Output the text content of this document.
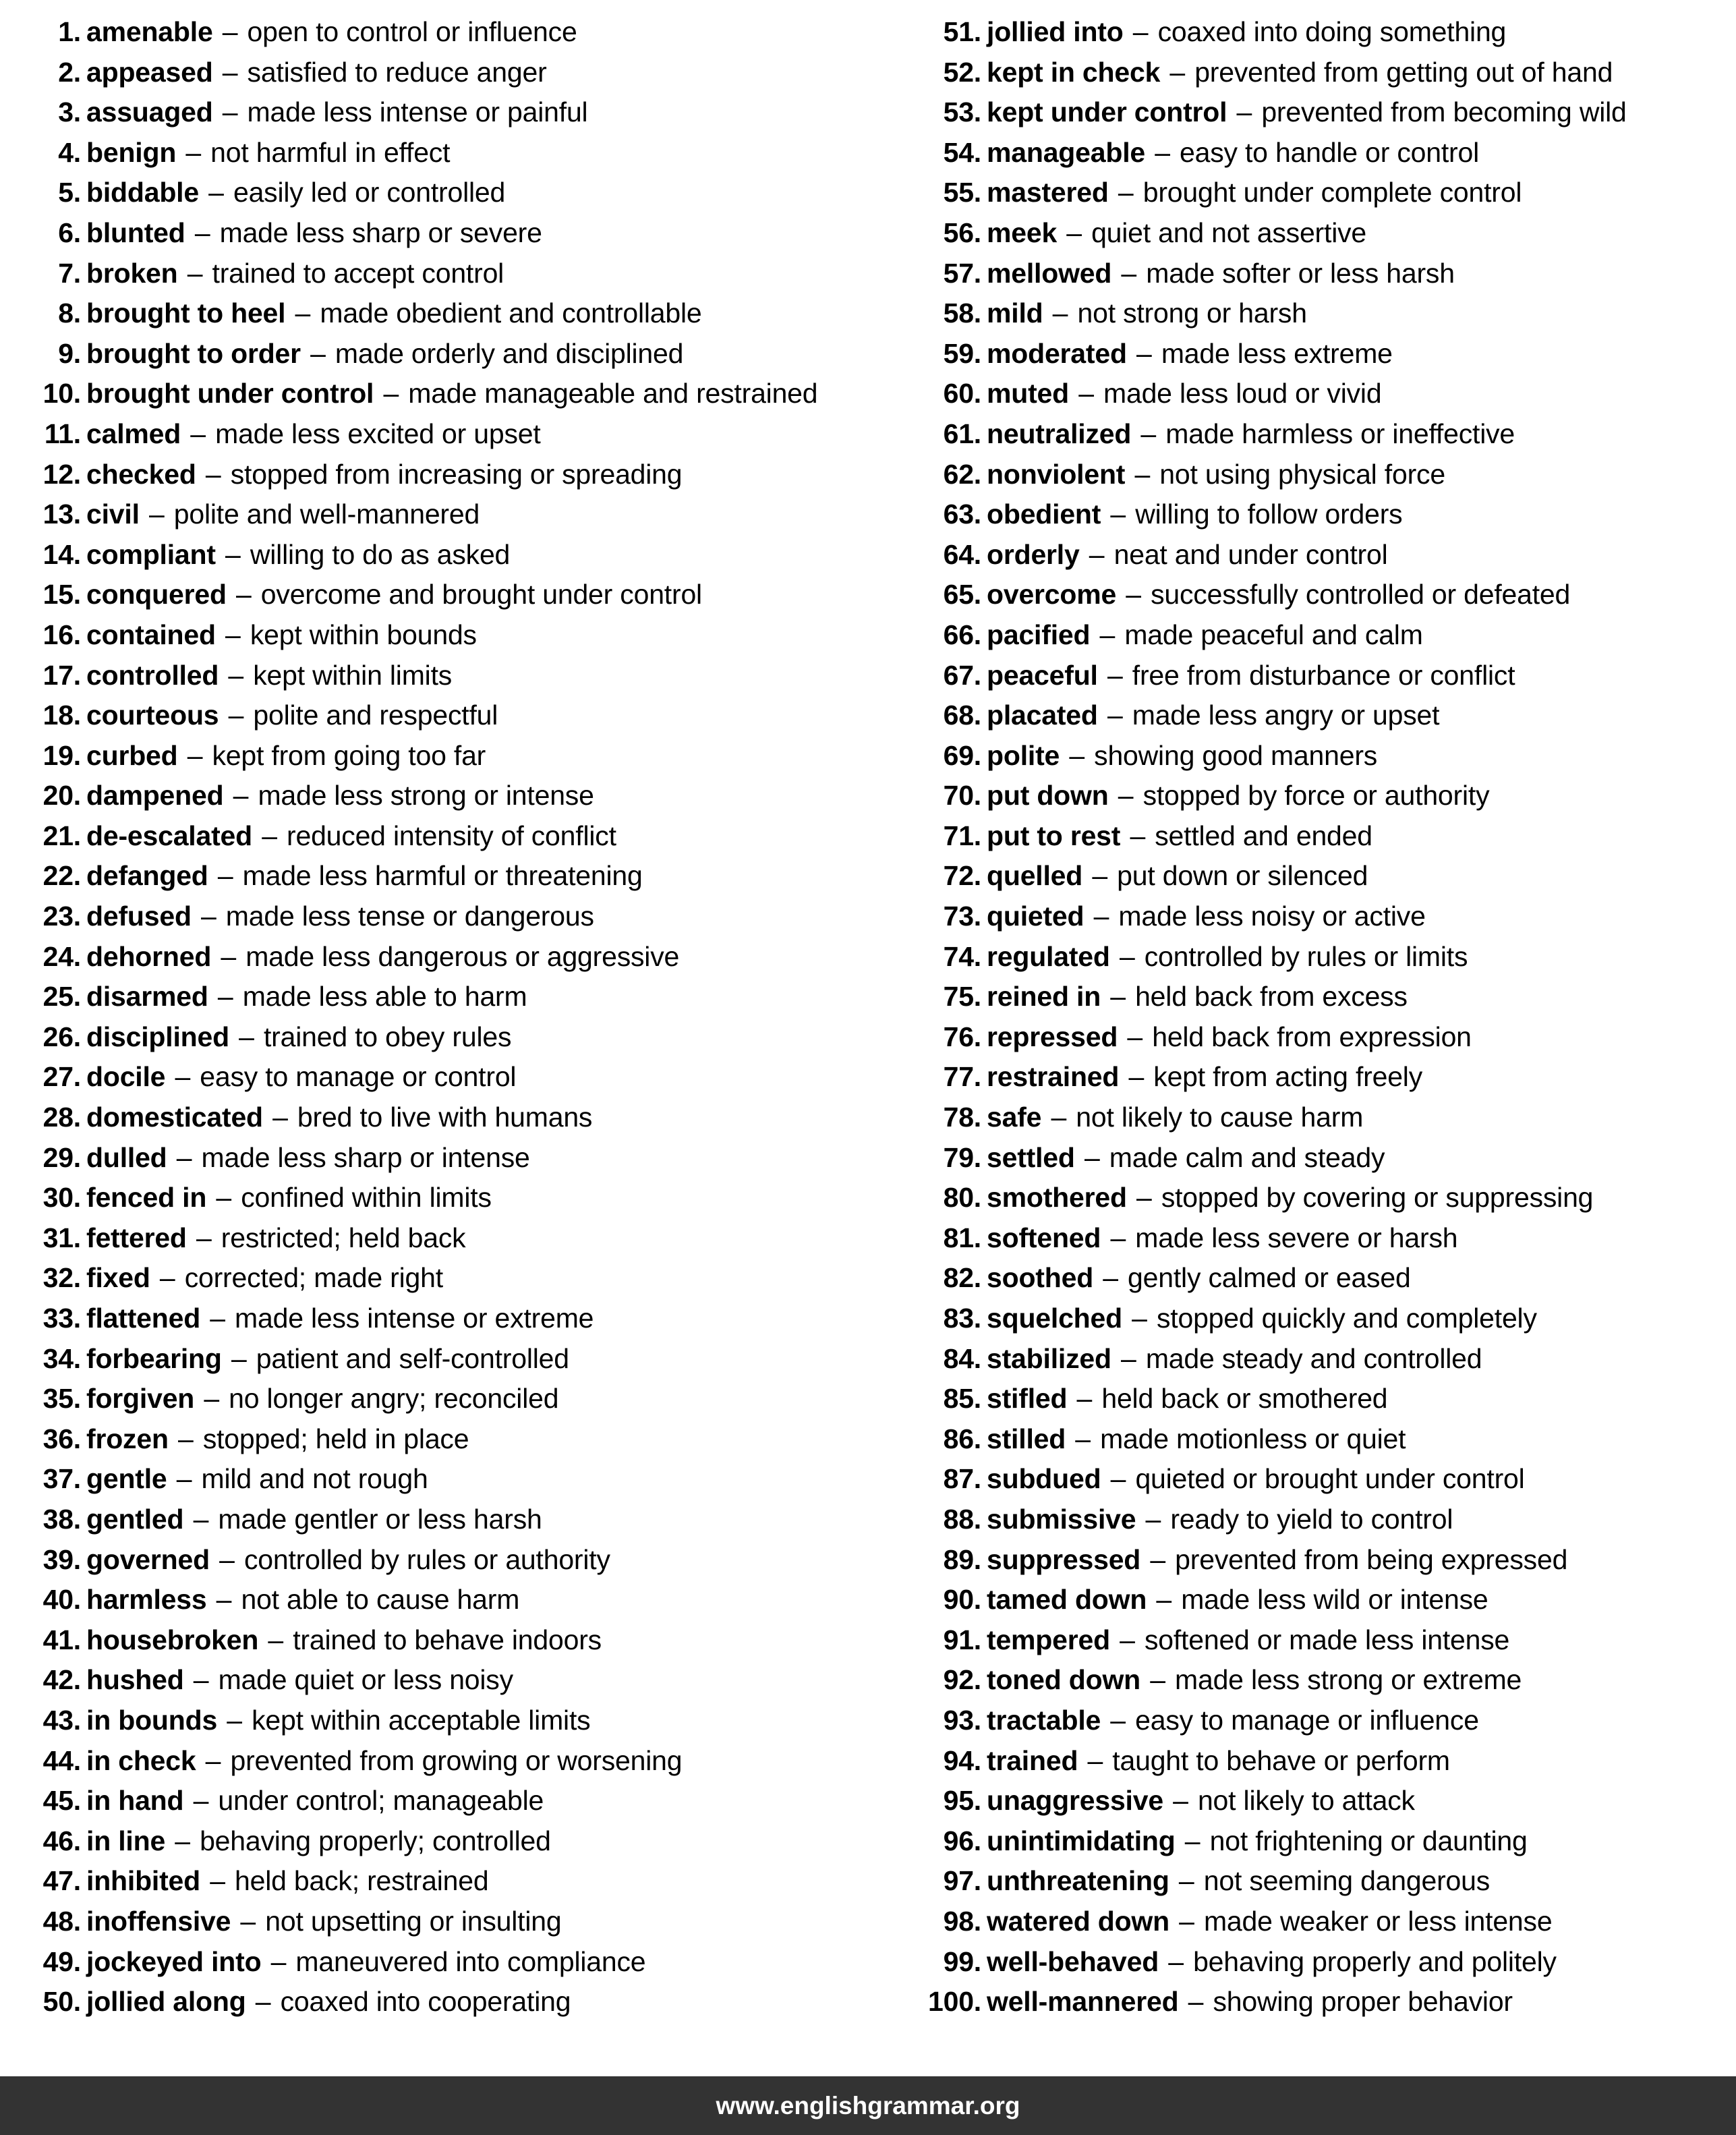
1. amenable – open to control or influence
2. appeased – satisfied to reduce anger
3. assuaged – made less intense or painful
4. benign – not harmful in effect
5. biddable – easily led or controlled
6. blunted – made less sharp or severe
7. broken – trained to accept control
8. brought to heel – made obedient and controllable
9. brought to order – made orderly and disciplined
10. brought under control – made manageable and restrained
11. calmed – made less excited or upset
12. checked – stopped from increasing or spreading
13. civil – polite and well-mannered
14. compliant – willing to do as asked
15. conquered – overcome and brought under control
16. contained – kept within bounds
17. controlled – kept within limits
18. courteous – polite and respectful
19. curbed – kept from going too far
20. dampened – made less strong or intense
21. de-escalated – reduced intensity of conflict
22. defanged – made less harmful or threatening
23. defused – made less tense or dangerous
24. dehorned – made less dangerous or aggressive
25. disarmed – made less able to harm
26. disciplined – trained to obey rules
27. docile – easy to manage or control
28. domesticated – bred to live with humans
29. dulled – made less sharp or intense
30. fenced in – confined within limits
31. fettered – restricted; held back
32. fixed – corrected; made right
33. flattened – made less intense or extreme
34. forbearing – patient and self-controlled
35. forgiven – no longer angry; reconciled
36. frozen – stopped; held in place
37. gentle – mild and not rough
38. gentled – made gentler or less harsh
39. governed – controlled by rules or authority
40. harmless – not able to cause harm
41. housebroken – trained to behave indoors
42. hushed – made quiet or less noisy
43. in bounds – kept within acceptable limits
44. in check – prevented from growing or worsening
45. in hand – under control; manageable
46. in line – behaving properly; controlled
47. inhibited – held back; restrained
48. inoffensive – not upsetting or insulting
49. jockeyed into – maneuvered into compliance
50. jollied along – coaxed into cooperating
51. jollied into – coaxed into doing something
52. kept in check – prevented from getting out of hand
53. kept under control – prevented from becoming wild
54. manageable – easy to handle or control
55. mastered – brought under complete control
56. meek – quiet and not assertive
57. mellowed – made softer or less harsh
58. mild – not strong or harsh
59. moderated – made less extreme
60. muted – made less loud or vivid
61. neutralized – made harmless or ineffective
62. nonviolent – not using physical force
63. obedient – willing to follow orders
64. orderly – neat and under control
65. overcome – successfully controlled or defeated
66. pacified – made peaceful and calm
67. peaceful – free from disturbance or conflict
68. placated – made less angry or upset
69. polite – showing good manners
70. put down – stopped by force or authority
71. put to rest – settled and ended
72. quelled – put down or silenced
73. quieted – made less noisy or active
74. regulated – controlled by rules or limits
75. reined in – held back from excess
76. repressed – held back from expression
77. restrained – kept from acting freely
78. safe – not likely to cause harm
79. settled – made calm and steady
80. smothered – stopped by covering or suppressing
81. softened – made less severe or harsh
82. soothed – gently calmed or eased
83. squelched – stopped quickly and completely
84. stabilized – made steady and controlled
85. stifled – held back or smothered
86. stilled – made motionless or quiet
87. subdued – quieted or brought under control
88. submissive – ready to yield to control
89. suppressed – prevented from being expressed
90. tamed down – made less wild or intense
91. tempered – softened or made less intense
92. toned down – made less strong or extreme
93. tractable – easy to manage or influence
94. trained – taught to behave or perform
95. unaggressive – not likely to attack
96. unintimidating – not frightening or daunting
97. unthreatening – not seeming dangerous
98. watered down – made weaker or less intense
99. well-behaved – behaving properly and politely
100. well-mannered – showing proper behavior
www.englishgrammar.org
